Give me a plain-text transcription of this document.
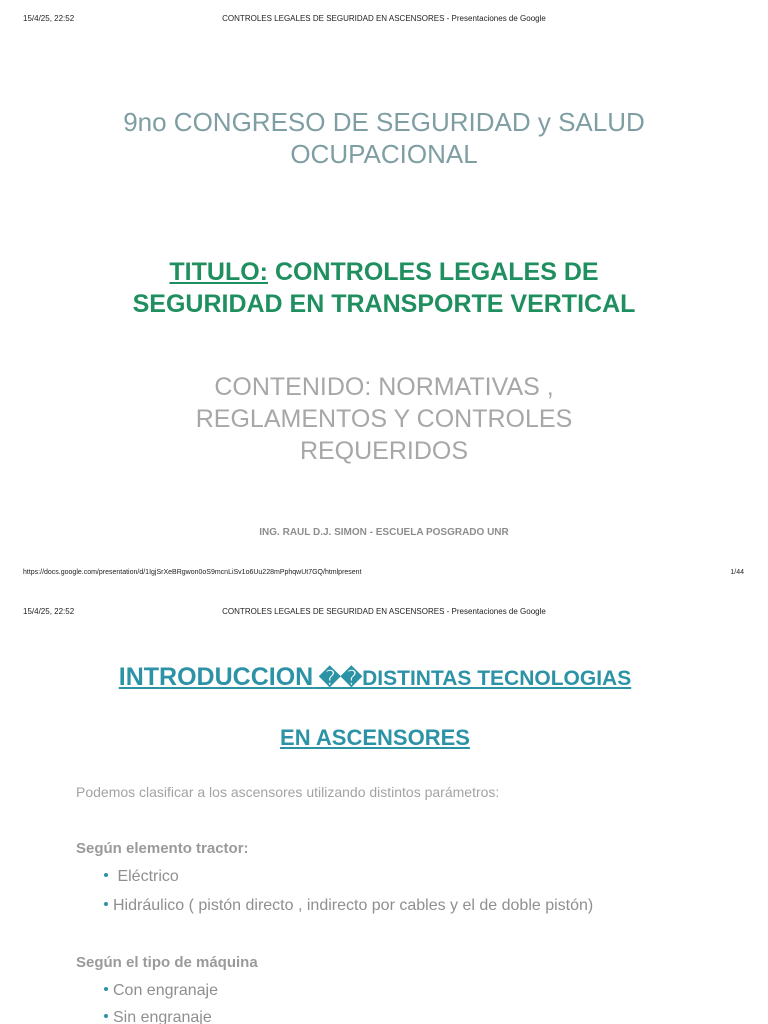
15/4/25, 22:52	CONTROLES LEGALES DE SEGURIDAD EN ASCENSORES - Presentaciones de Google
9no CONGRESO DE SEGURIDAD y SALUD
OCUPACIONAL
TITULO: CONTROLES LEGALES DE
SEGURIDAD EN TRANSPORTE VERTICAL
CONTENIDO: NORMATIVAS ,
REGLAMENTOS Y CONTROLES
REQUERIDOS
ING. RAUL D.J. SIMON - ESCUELA POSGRADO UNR
https://docs.google.com/presentation/d/1IgjSrXeBRgwon0oS9mcnLiSv1o6Uu228mPphqwUt7GQ/htmlpresent	1/44
15/4/25, 22:52	CONTROLES LEGALES DE SEGURIDAD EN ASCENSORES - Presentaciones de Google
INTRODUCCION ��DISTINTAS TECNOLOGIAS
EN ASCENSORES
Podemos clasificar a los ascensores utilizando distintos parámetros:
Según elemento tractor:
Eléctrico
Hidráulico ( pistón directo , indirecto por cables y el de doble pistón)
Según el tipo de máquina
Con engranaje
Sin engranaje
